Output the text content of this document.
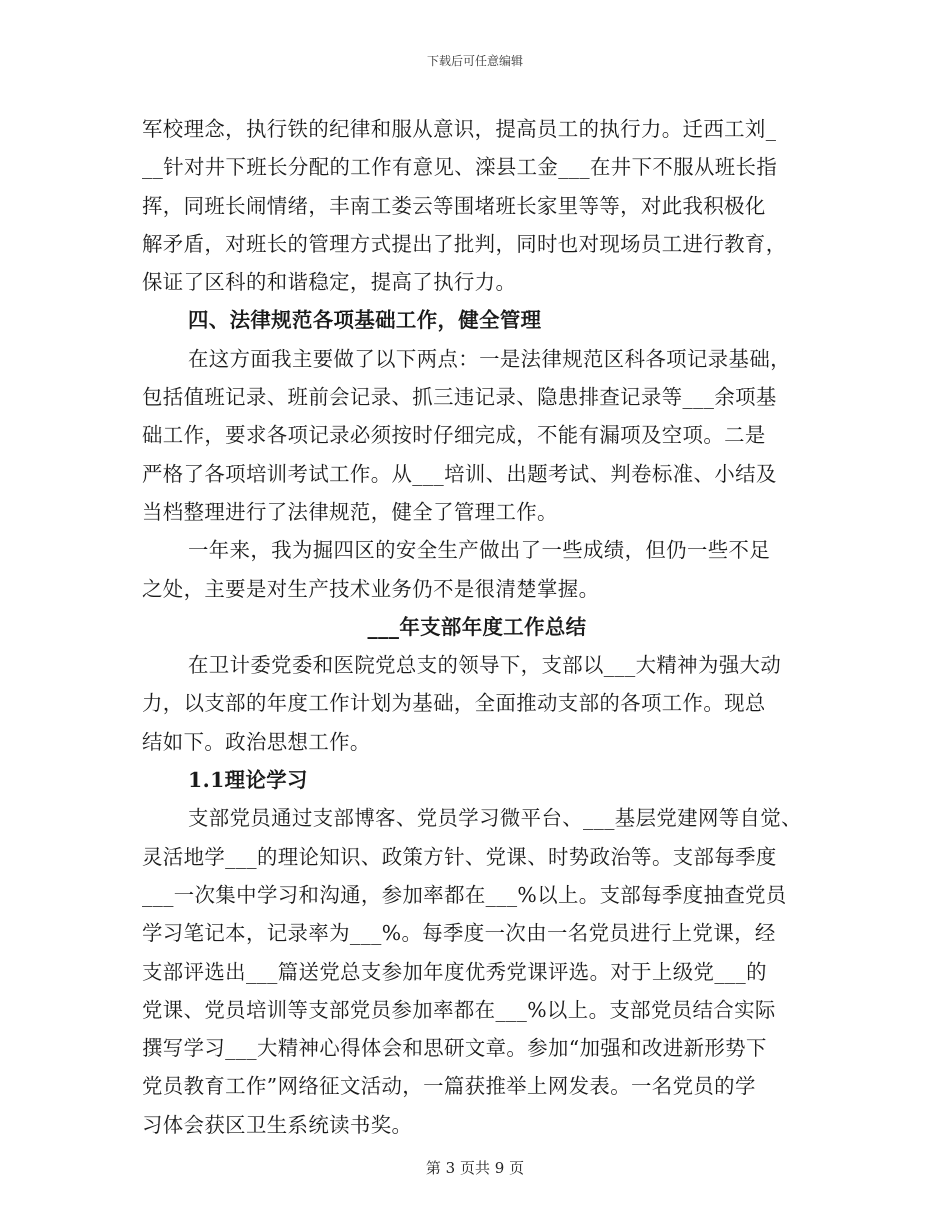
下载后可任意编辑
军校理念，执行铁的纪律和服从意识，提高员工的执行力。迁西工刘_
__针对井下班长分配的工作有意见、滦县工金___在井下不服从班长指
挥，同班长闹情绪，丰南工娄云等围堵班长家里等等，对此我积极化
解矛盾，对班长的管理方式提出了批判，同时也对现场员工进行教育，
保证了区科的和谐稳定，提高了执行力。
四、法律规范各项基础工作，健全管理
在这方面我主要做了以下两点：一是法律规范区科各项记录基础，
包括值班记录、班前会记录、抓三违记录、隐患排查记录等___余项基
础工作，要求各项记录必须按时仔细完成，不能有漏项及空项。二是
严格了各项培训考试工作。从___培训、出题考试、判卷标准、小结及
当档整理进行了法律规范，健全了管理工作。
一年来，我为掘四区的安全生产做出了一些成绩，但仍一些不足
之处，主要是对生产技术业务仍不是很清楚掌握。
___年支部年度工作总结
在卫计委党委和医院党总支的领导下，支部以___大精神为强大动
力，以支部的年度工作计划为基础，全面推动支部的各项工作。现总
结如下。政治思想工作。
1.1理论学习
支部党员通过支部博客、党员学习微平台、___基层党建网等自觉、
灵活地学___的理论知识、政策方针、党课、时势政治等。支部每季度
___一次集中学习和沟通，参加率都在___%以上。支部每季度抽查党员
学习笔记本，记录率为___%。每季度一次由一名党员进行上党课，经
支部评选出___篇送党总支参加年度优秀党课评选。对于上级党___的
党课、党员培训等支部党员参加率都在___%以上。支部党员结合实际
撰写学习___大精神心得体会和思研文章。参加“加强和改进新形势下
党员教育工作”网络征文活动，一篇获推举上网发表。一名党员的学
习体会获区卫生系统读书奖。
第 3 页共 9 页
